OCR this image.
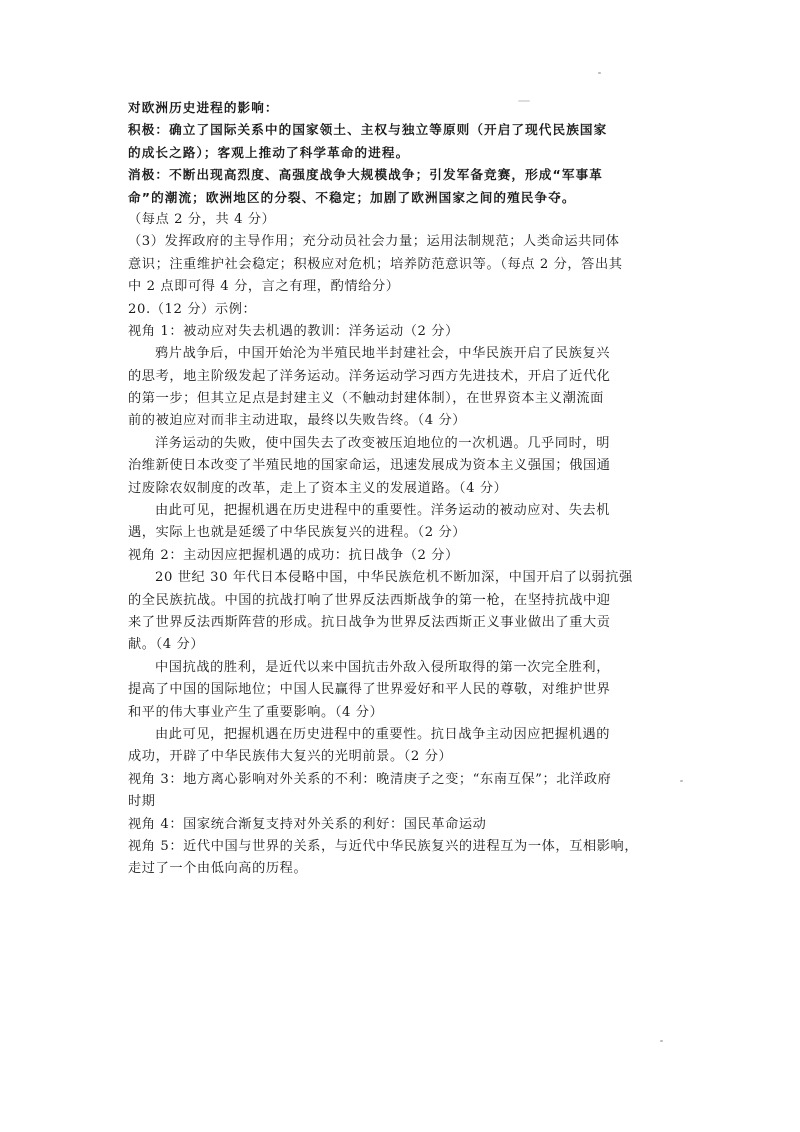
对欧洲历史进程的影响：
积极：确立了国际关系中的国家领土、主权与独立等原则（开启了现代民族国家
的成长之路）；客观上推动了科学革命的进程。
消极：不断出现高烈度、高强度战争大规模战争；引发军备竞赛，形成“军事革
命”的潮流；欧洲地区的分裂、不稳定；加剧了欧洲国家之间的殖民争夺。
（每点 2 分，共 4 分）
（3）发挥政府的主导作用；充分动员社会力量；运用法制规范；人类命运共同体
意识；注重维护社会稳定；积极应对危机；培养防范意识等。（每点 2 分，答出其
中 2 点即可得 4 分，言之有理，酌情给分）
20.（12 分）示例：
视角 1：被动应对失去机遇的教训：洋务运动（2 分）
鸦片战争后，中国开始沦为半殖民地半封建社会，中华民族开启了民族复兴
的思考，地主阶级发起了洋务运动。洋务运动学习西方先进技术，开启了近代化
的第一步；但其立足点是封建主义（不触动封建体制），在世界资本主义潮流面
前的被迫应对而非主动进取，最终以失败告终。（4 分）
洋务运动的失败，使中国失去了改变被压迫地位的一次机遇。几乎同时，明
治维新使日本改变了半殖民地的国家命运，迅速发展成为资本主义强国；俄国通
过废除农奴制度的改革，走上了资本主义的发展道路。（4 分）
由此可见，把握机遇在历史进程中的重要性。洋务运动的被动应对、失去机
遇，实际上也就是延缓了中华民族复兴的进程。（2 分）
视角 2：主动因应把握机遇的成功：抗日战争（2 分）
20 世纪 30 年代日本侵略中国，中华民族危机不断加深，中国开启了以弱抗强
的全民族抗战。中国的抗战打响了世界反法西斯战争的第一枪，在坚持抗战中迎
来了世界反法西斯阵营的形成。抗日战争为世界反法西斯正义事业做出了重大贡
献。（4 分）
中国抗战的胜利，是近代以来中国抗击外敌入侵所取得的第一次完全胜利，
提高了中国的国际地位；中国人民赢得了世界爱好和平人民的尊敬，对维护世界
和平的伟大事业产生了重要影响。（4 分）
由此可见，把握机遇在历史进程中的重要性。抗日战争主动因应把握机遇的
成功，开辟了中华民族伟大复兴的光明前景。（2 分）
视角 3：地方离心影响对外关系的不利：晚清庚子之变；“东南互保”；北洋政府
时期
视角 4：国家统合渐复支持对外关系的利好：国民革命运动
视角 5：近代中国与世界的关系，与近代中华民族复兴的进程互为一体，互相影响，
走过了一个由低向高的历程。
